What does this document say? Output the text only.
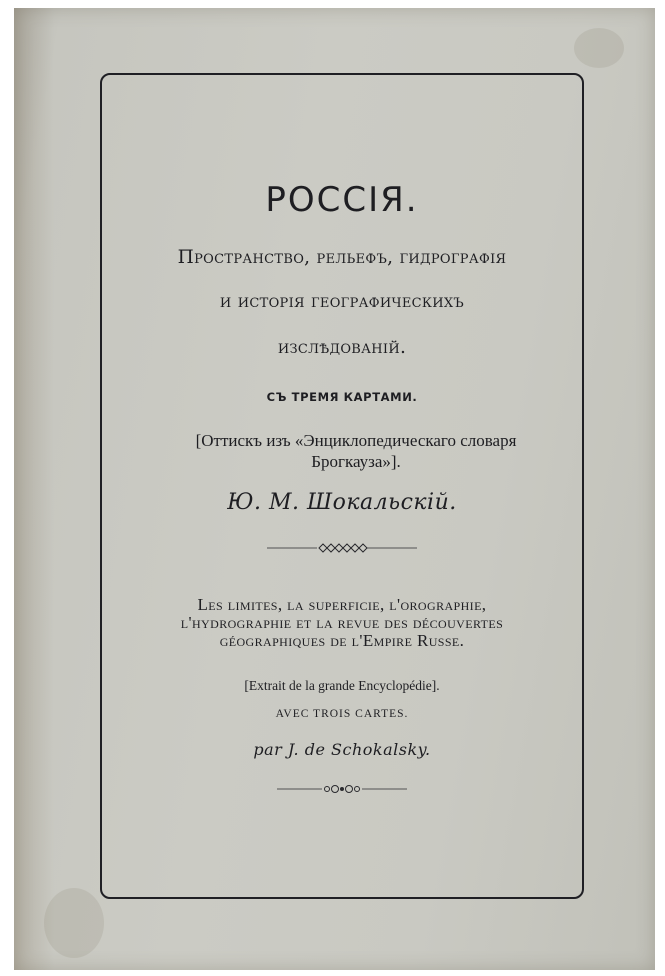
РОССІЯ.
Пространство, рельефъ, гидрографія
и исторія географическихъ
изслѣдованій.
СЪ ТРЕМЯ КАРТАМИ.
[Оттискъ изъ «Энциклопедическаго словаря
Брогкауза»].
Ю. М. Шокальскій.
Les limites, la superficie, l'orographie,
l'hydrographie et la revue des découvertes
géographiques de l'Empire Russe.
[Extrait de la grande Encyclopédie].
AVEC TROIS CARTES.
par J. de Schokalsky.
